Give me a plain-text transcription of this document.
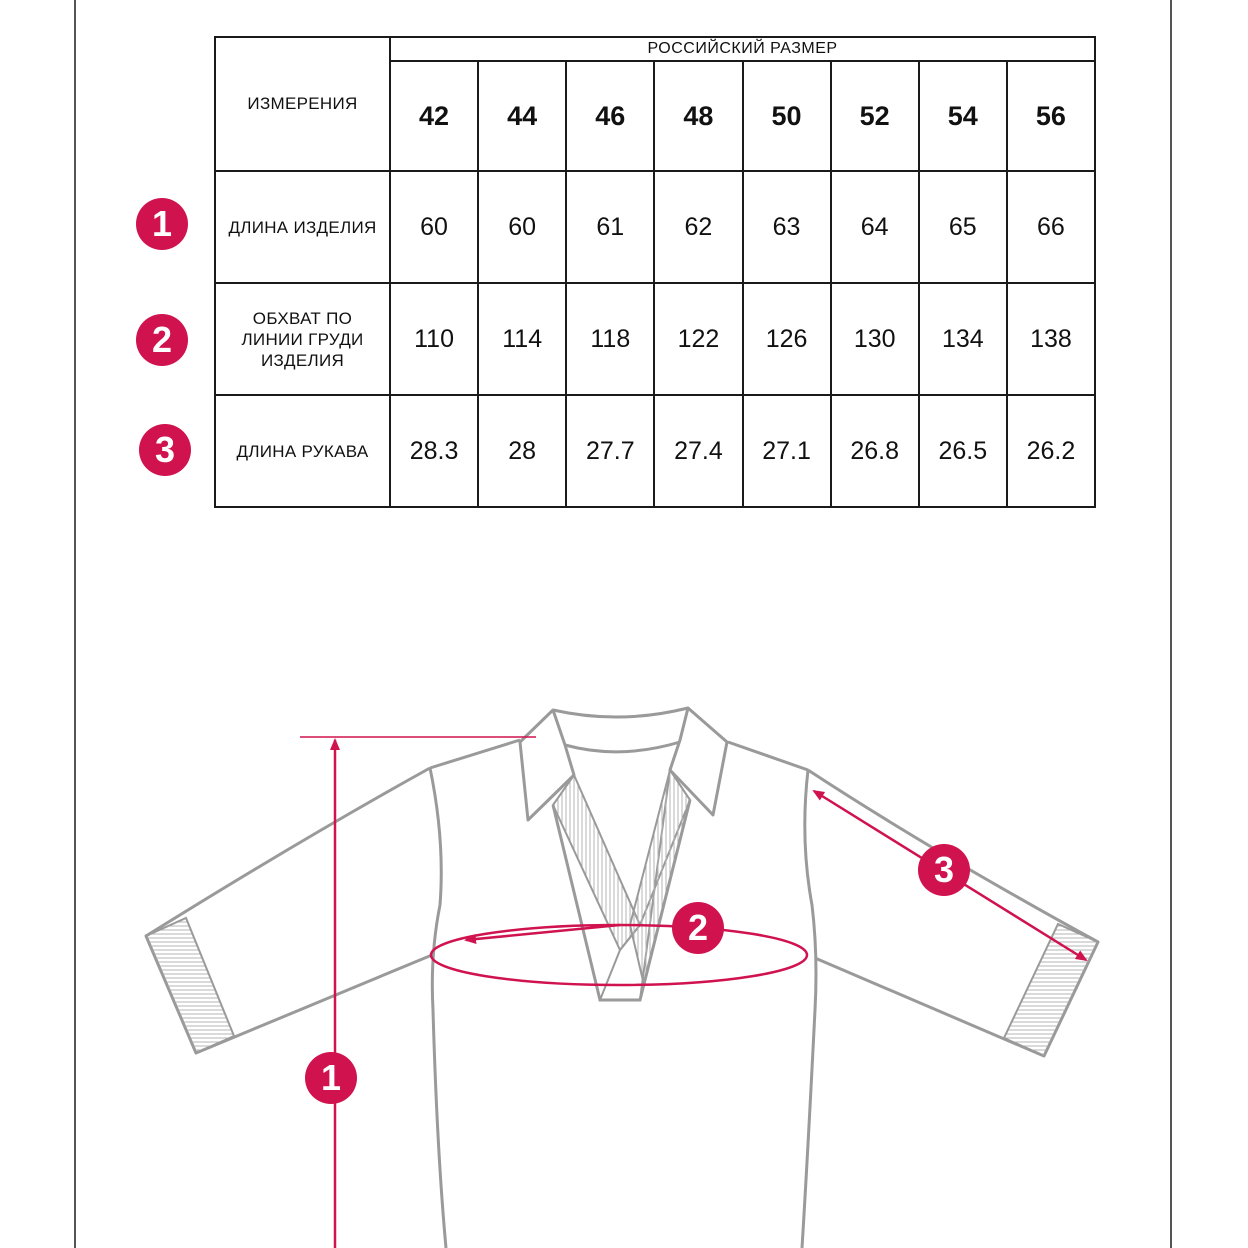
ИЗМЕРЕНИЯ	РОССИЙСКИЙ РАЗМЕР							
	42	44	46	48	50	52	54	56
ДЛИНА ИЗДЕЛИЯ	60	60	61	62	63	64	65	66
ОБХВАТ ПО
ЛИНИИ ГРУДИ
ИЗДЕЛИЯ	110	114	118	122	126	130	134	138
ДЛИНА РУКАВА	28.3	28	27.7	27.4	27.1	26.8	26.5	26.2
1
2
3
2
3
1
